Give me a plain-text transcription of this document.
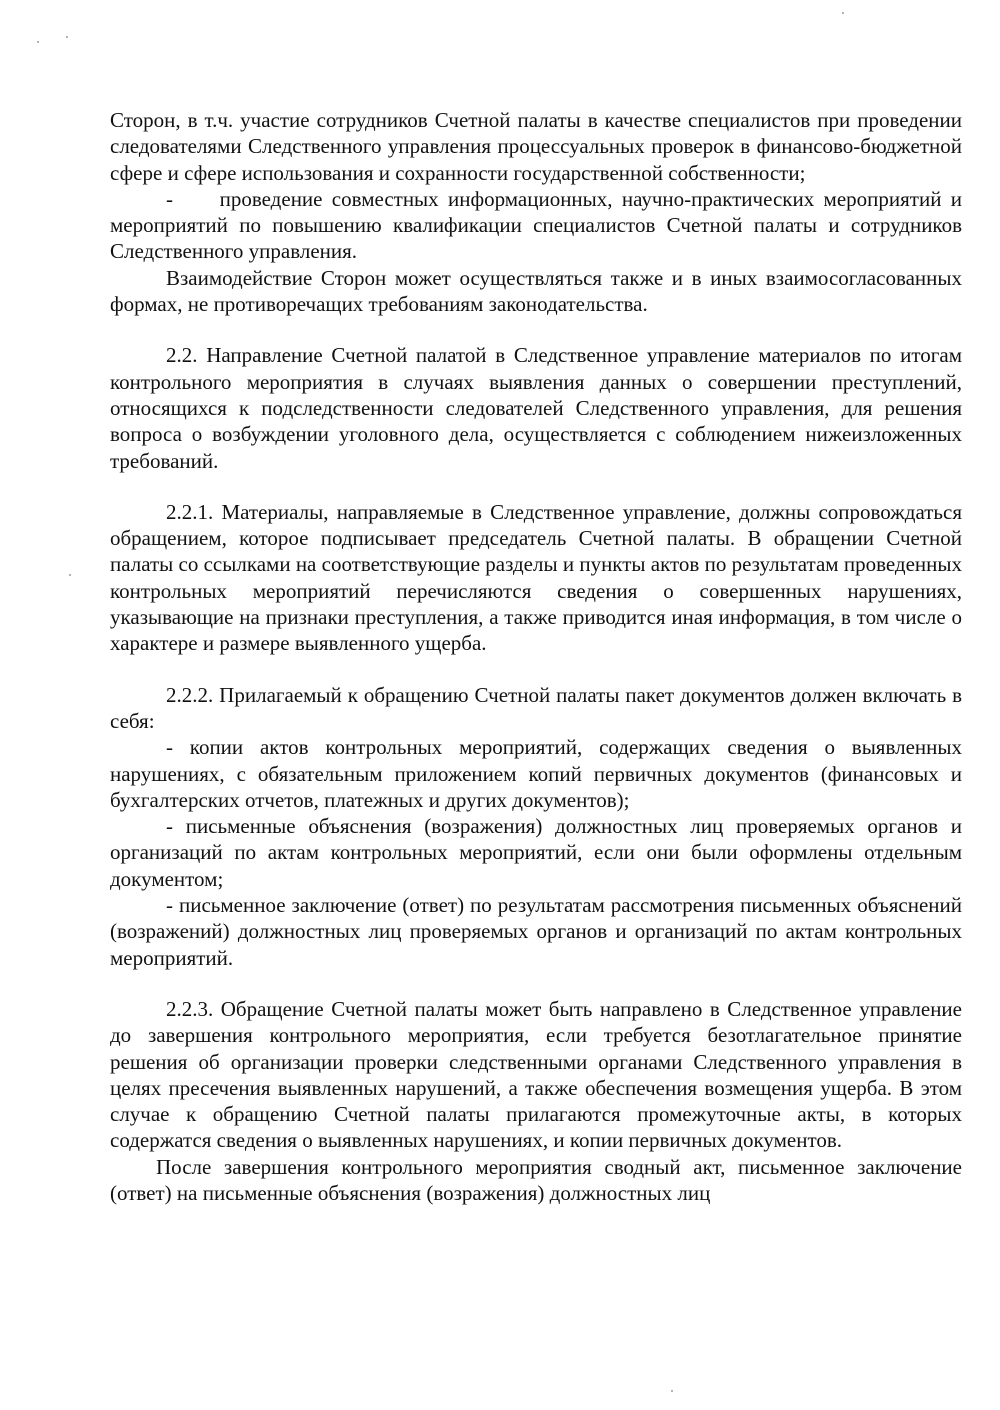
Сторон, в т.ч. участие сотрудников Счетной палаты в качестве специалистов при проведении следователями Следственного управления процессуальных проверок в финансово-бюджетной сфере и сфере использования и сохранности государственной собственности;

-     проведение совместных информационных, научно-практических мероприятий и мероприятий по повышению квалификации специалистов Счетной палаты и сотрудников Следственного управления.

Взаимодействие Сторон может осуществляться также и в иных взаимосогласованных формах, не противоречащих требованиям законодательства.

2.2. Направление Счетной палатой в Следственное управление материалов по итогам контрольного мероприятия в случаях выявления данных о совершении преступлений, относящихся к подследственности следователей Следственного управления, для решения вопроса о возбуждении уголовного дела, осуществляется с соблюдением нижеизложенных требований.

2.2.1. Материалы, направляемые в Следственное управление, должны сопровождаться обращением, которое подписывает председатель Счетной палаты. В обращении Счетной палаты со ссылками на соответствующие разделы и пункты актов по результатам проведенных контрольных мероприятий перечисляются сведения о совершенных нарушениях, указывающие на признаки преступления, а также приводится иная информация, в том числе о характере и размере выявленного ущерба.

2.2.2. Прилагаемый к обращению Счетной палаты пакет документов должен включать в себя:

- копии актов контрольных мероприятий, содержащих сведения о выявленных нарушениях, с обязательным приложением копий первичных документов (финансовых и бухгалтерских отчетов, платежных и других документов);

- письменные объяснения (возражения) должностных лиц проверяемых органов и организаций по актам контрольных мероприятий, если они были оформлены отдельным документом;

- письменное заключение (ответ) по результатам рассмотрения письменных объяснений (возражений) должностных лиц проверяемых органов и организаций по актам контрольных мероприятий.

2.2.3. Обращение Счетной палаты может быть направлено в Следственное управление до завершения контрольного мероприятия, если требуется безотлагательное принятие решения об организации проверки следственными органами Следственного управления в целях пресечения выявленных нарушений, а также обеспечения возмещения ущерба. В этом случае к обращению Счетной палаты прилагаются промежуточные акты, в которых содержатся сведения о выявленных нарушениях, и копии первичных документов.

После завершения контрольного мероприятия сводный акт, письменное заключение (ответ) на письменные объяснения (возражения) должностных лиц
